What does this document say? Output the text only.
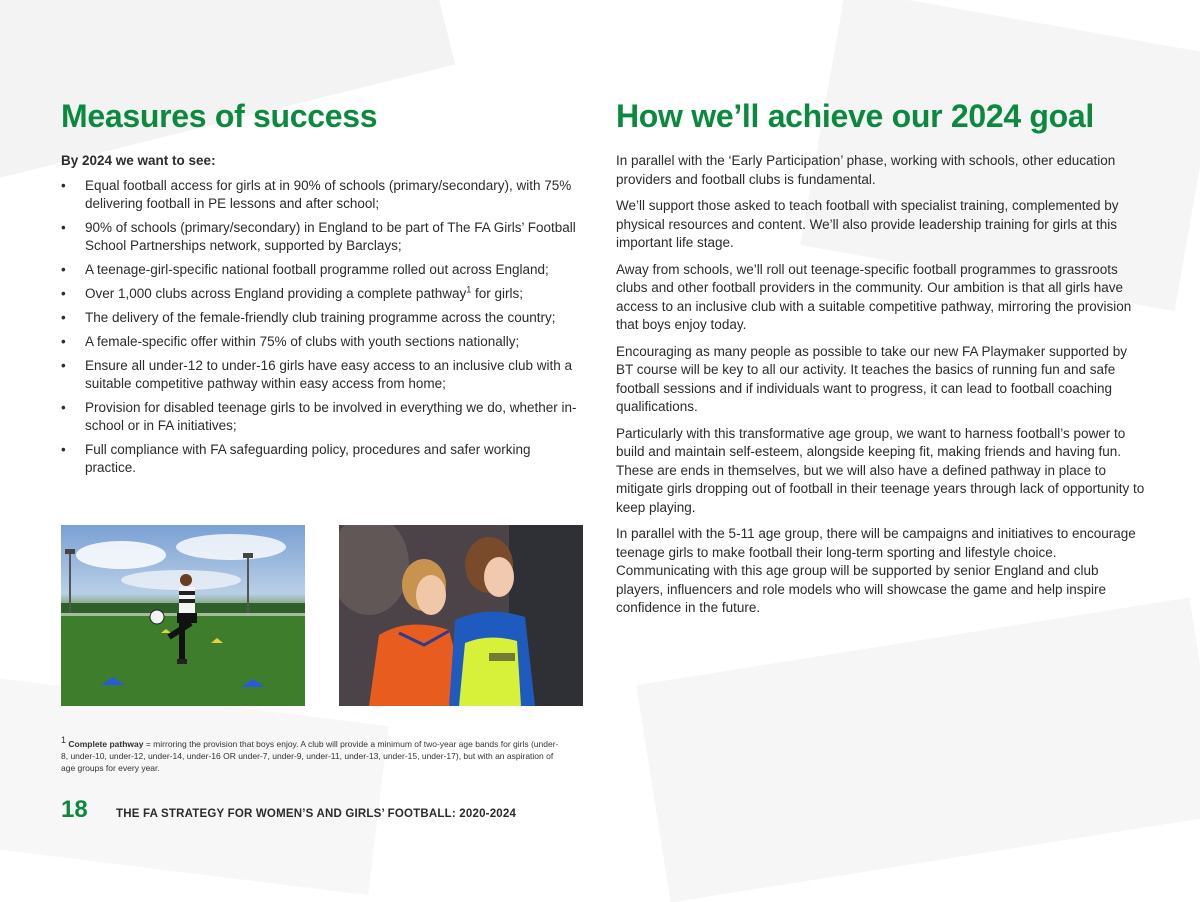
Measures of success

By 2024 we want to see:

• Equal football access for girls at in 90% of schools (primary/secondary), with 75% delivering football in PE lessons and after school;
• 90% of schools (primary/secondary) in England to be part of The FA Girls’ Football School Partnerships network, supported by Barclays;
• A teenage-girl-specific national football programme rolled out across England;
• Over 1,000 clubs across England providing a complete pathway$^1$ for girls;
• The delivery of the female-friendly club training programme across the country;
• A female-specific offer within 75% of clubs with youth sections nationally;
• Ensure all under-12 to under-16 girls have easy access to an inclusive club with a suitable competitive pathway within easy access from home;
• Provision for disabled teenage girls to be involved in everything we do, whether in-school or in FA initiatives;
• Full compliance with FA safeguarding policy, procedures and safer working practice.
How we’ll achieve our 2024 goal

In parallel with the ‘Early Participation’ phase, working with schools, other education providers and football clubs is fundamental.

We’ll support those asked to teach football with specialist training, complemented by physical resources and content. We’ll also provide leadership training for girls at this important life stage.

Away from schools, we’ll roll out teenage-specific football programmes to grassroots clubs and other football providers in the community. Our ambition is that all girls have access to an inclusive club with a suitable competitive pathway, mirroring the provision that boys enjoy today.

Encouraging as many people as possible to take our new FA Playmaker supported by BT course will be key to all our activity. It teaches the basics of running fun and safe football sessions and if individuals want to progress, it can lead to football coaching qualifications.

Particularly with this transformative age group, we want to harness football’s power to build and maintain self-esteem, alongside keeping fit, making friends and having fun. These are ends in themselves, but we will also have a defined pathway in place to mitigate girls dropping out of football in their teenage years through lack of opportunity to keep playing.

In parallel with the 5-11 age group, there will be campaigns and initiatives to encourage teenage girls to make football their long-term sporting and lifestyle choice. Communicating with this age group will be supported by senior England and club players, influencers and role models who will showcase the game and help inspire confidence in the future.

$^1$ Complete pathway = mirroring the provision that boys enjoy. A club will provide a minimum of two-year age bands for girls (under-8, under-10, under-12, under-14, under-16 OR under-7, under-9, under-11, under-13, under-15, under-17), but with an aspiration of age groups for every year.
18 THE FA STRATEGY FOR WOMEN’S AND GIRLS’ FOOTBALL: 2020-2024
